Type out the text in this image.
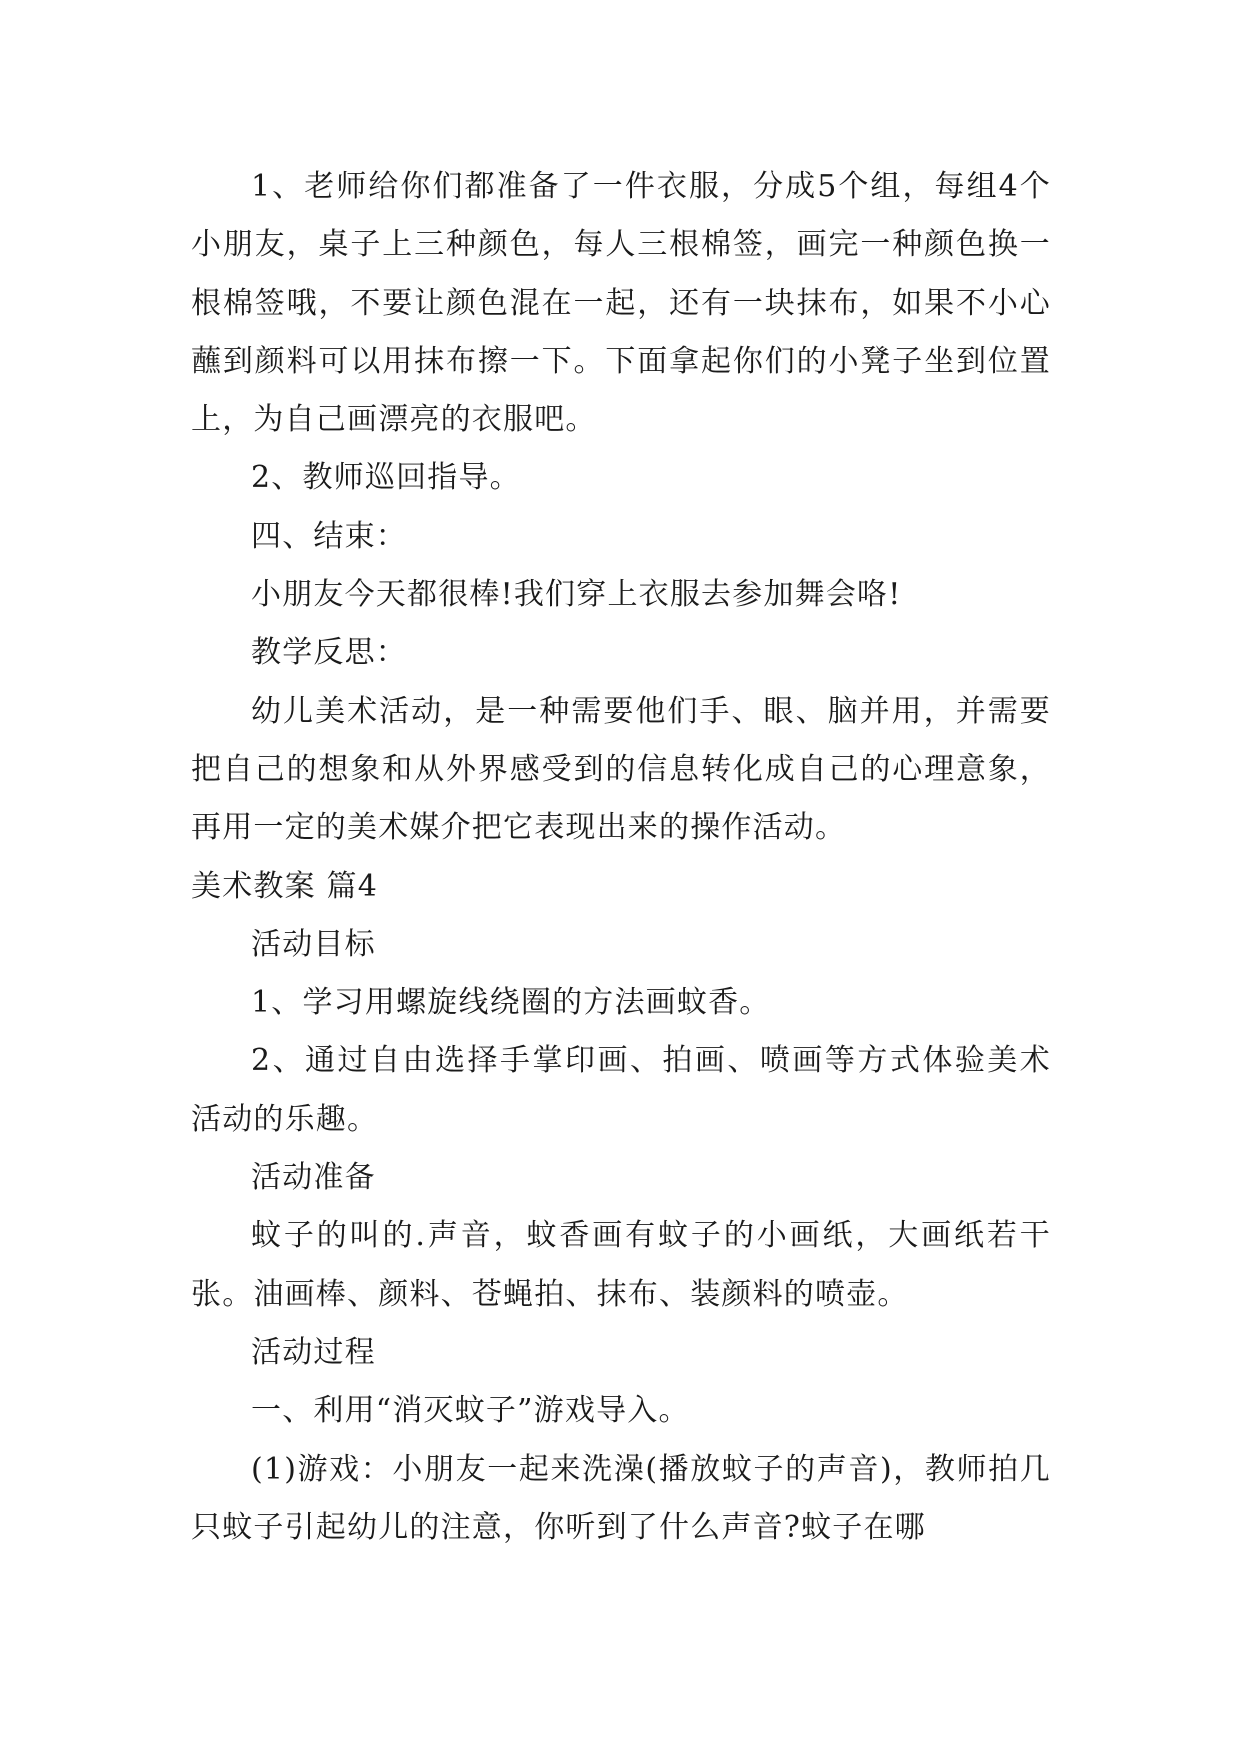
1、老师给你们都准备了一件衣服，分成5个组，每组4个小朋友，桌子上三种颜色，每人三根棉签，画完一种颜色换一根棉签哦，不要让颜色混在一起，还有一块抹布，如果不小心蘸到颜料可以用抹布擦一下。下面拿起你们的小凳子坐到位置上，为自己画漂亮的衣服吧。

2、教师巡回指导。

四、结束：

小朋友今天都很棒!我们穿上衣服去参加舞会咯!

教学反思：

幼儿美术活动，是一种需要他们手、眼、脑并用，并需要把自己的想象和从外界感受到的信息转化成自己的心理意象，再用一定的美术媒介把它表现出来的操作活动。

美术教案 篇4

活动目标

1、学习用螺旋线绕圈的方法画蚊香。

2、通过自由选择手掌印画、拍画、喷画等方式体验美术活动的乐趣。

活动准备

蚊子的叫的.声音，蚊香画有蚊子的小画纸，大画纸若干张。油画棒、颜料、苍蝇拍、抹布、装颜料的喷壶。

活动过程

一、利用“消灭蚊子”游戏导入。

(1)游戏：小朋友一起来洗澡(播放蚊子的声音)，教师拍几只蚊子引起幼儿的注意，你听到了什么声音?蚊子在哪
